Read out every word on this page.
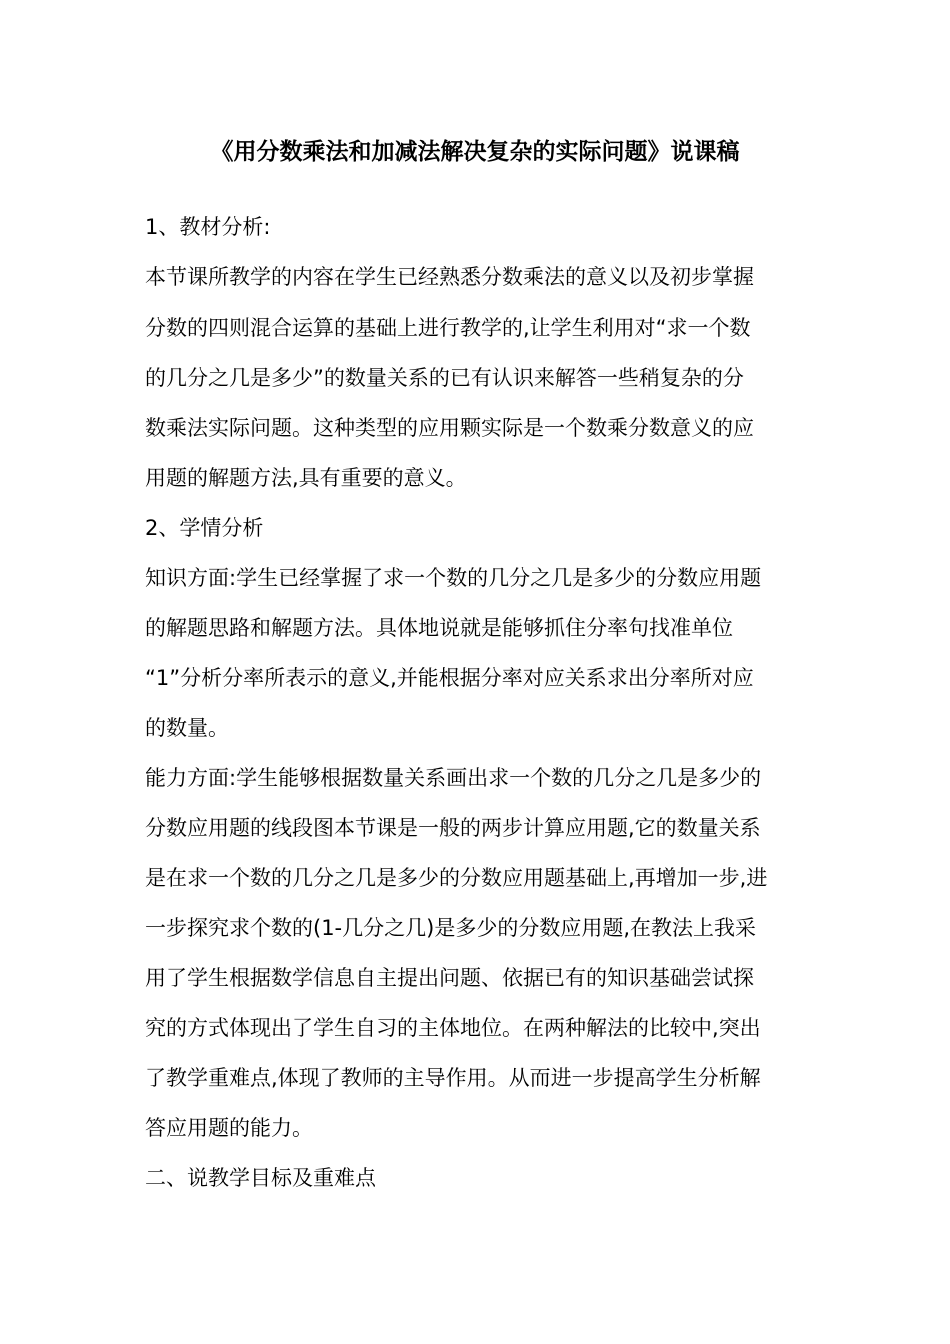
《用分数乘法和加减法解决复杂的实际问题》说课稿
1、教材分析:
本节课所教学的内容在学生已经熟悉分数乘法的意义以及初步掌握
分数的四则混合运算的基础上进行教学的,让学生利用对“求一个数
的几分之几是多少”的数量关系的已有认识来解答一些稍复杂的分
数乘法实际问题。这种类型的应用颗实际是一个数乘分数意义的应
用题的解题方法,具有重要的意义。
2、学情分析
知识方面:学生已经掌握了求一个数的几分之几是多少的分数应用题
的解题思路和解题方法。具体地说就是能够抓住分率句找准单位
“1”分析分率所表示的意义,并能根据分率对应关系求出分率所对应
的数量。
能力方面:学生能够根据数量关系画出求一个数的几分之几是多少的
分数应用题的线段图本节课是一般的两步计算应用题,它的数量关系
是在求一个数的几分之几是多少的分数应用题基础上,再增加一步,进
一步探究求个数的(1-几分之几)是多少的分数应用题,在教法上我采
用了学生根据数学信息自主提出问题、依据已有的知识基础尝试探
究的方式体现出了学生自习的主体地位。在两种解法的比较中,突出
了教学重难点,体现了教师的主导作用。从而进一步提高学生分析解
答应用题的能力。
二、说教学目标及重难点
